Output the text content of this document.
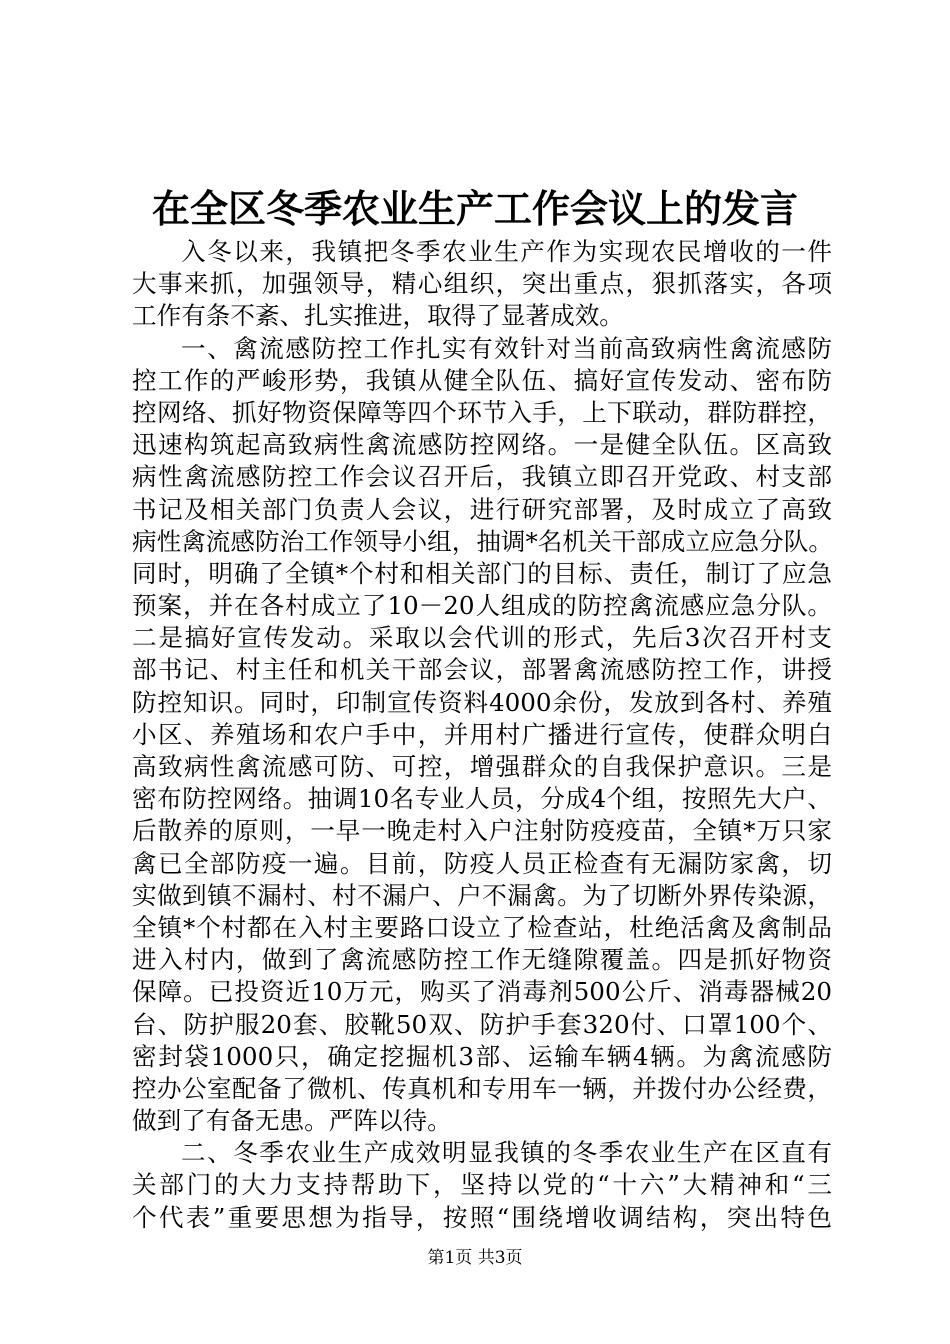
在全区冬季农业生产工作会议上的发言
入冬以来，我镇把冬季农业生产作为实现农民增收的一件
大事来抓，加强领导，精心组织，突出重点，狠抓落实，各项
工作有条不紊、扎实推进，取得了显著成效。
一、禽流感防控工作扎实有效针对当前高致病性禽流感防
控工作的严峻形势，我镇从健全队伍、搞好宣传发动、密布防
控网络、抓好物资保障等四个环节入手，上下联动，群防群控，
迅速构筑起高致病性禽流感防控网络。一是健全队伍。区高致
病性禽流感防控工作会议召开后，我镇立即召开党政、村支部
书记及相关部门负责人会议，进行研究部署，及时成立了高致
病性禽流感防治工作领导小组，抽调*名机关干部成立应急分队。
同时，明确了全镇*个村和相关部门的目标、责任，制订了应急
预案，并在各村成立了10－20人组成的防控禽流感应急分队。
二是搞好宣传发动。采取以会代训的形式，先后3次召开村支
部书记、村主任和机关干部会议，部署禽流感防控工作，讲授
防控知识。同时，印制宣传资料4000余份，发放到各村、养殖
小区、养殖场和农户手中，并用村广播进行宣传，使群众明白
高致病性禽流感可防、可控，增强群众的自我保护意识。三是
密布防控网络。抽调10名专业人员，分成4个组，按照先大户、
后散养的原则，一早一晚走村入户注射防疫疫苗，全镇*万只家
禽已全部防疫一遍。目前，防疫人员正检查有无漏防家禽，切
实做到镇不漏村、村不漏户、户不漏禽。为了切断外界传染源，
全镇*个村都在入村主要路口设立了检查站，杜绝活禽及禽制品
进入村内，做到了禽流感防控工作无缝隙覆盖。四是抓好物资
保障。已投资近10万元，购买了消毒剂500公斤、消毒器械20
台、防护服20套、胶靴50双、防护手套320付、口罩100个、
密封袋1000只，确定挖掘机3部、运输车辆4辆。为禽流感防
控办公室配备了微机、传真机和专用车一辆，并拨付办公经费，
做到了有备无患。严阵以待。
二、冬季农业生产成效明显我镇的冬季农业生产在区直有
关部门的大力支持帮助下，坚持以党的“十六”大精神和“三
个代表”重要思想为指导，按照“围绕增收调结构，突出特色
第1页 共3页
